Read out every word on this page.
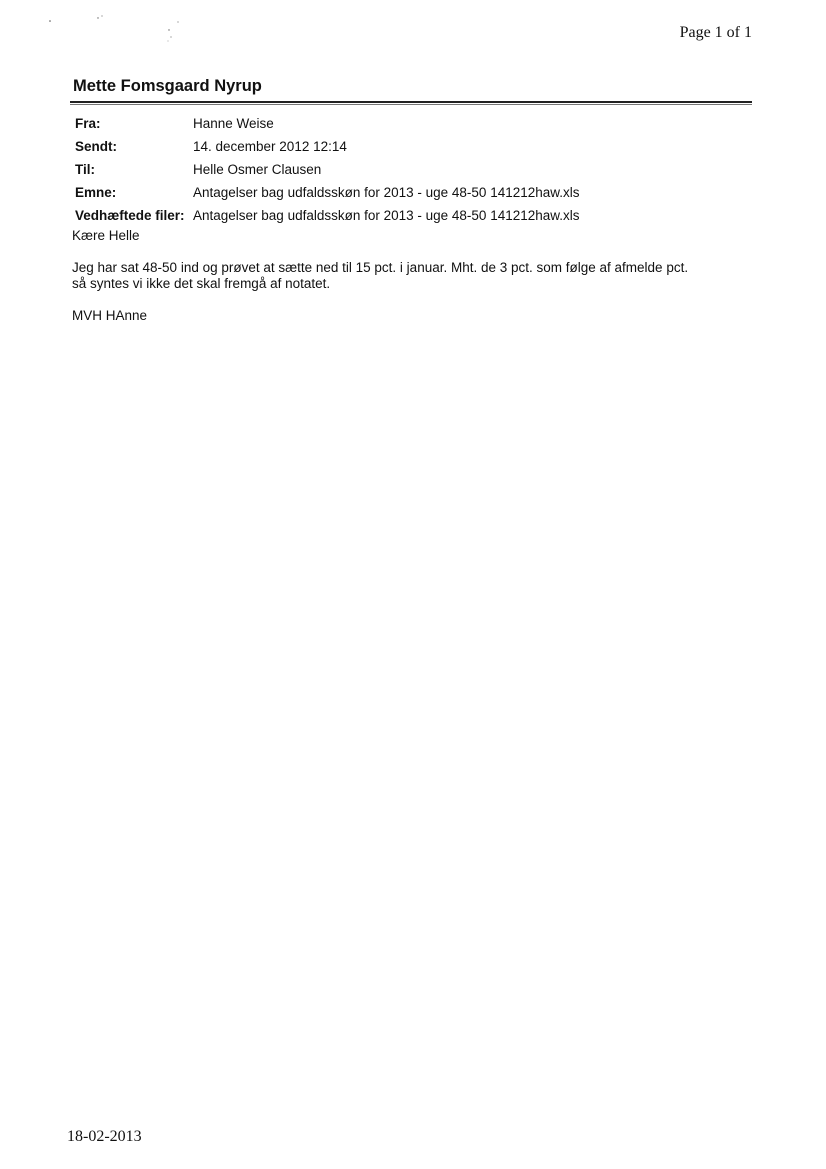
Page 1 of 1
Mette Fomsgaard Nyrup
Fra:	Hanne Weise
Sendt:	14. december 2012 12:14
Til:	Helle Osmer Clausen
Emne:	Antagelser bag udfaldsskøn for 2013 - uge 48-50 141212haw.xls
Vedhæftede filer: Antagelser bag udfaldsskøn for 2013 - uge 48-50 141212haw.xls

Kære Helle

Jeg har sat 48-50 ind og prøvet at sætte ned til 15 pct. i januar. Mht. de 3 pct. som følge af afmelde pct.

så syntes vi ikke det skal fremgå af notatet.

MVH HAnne

18-02-2013
